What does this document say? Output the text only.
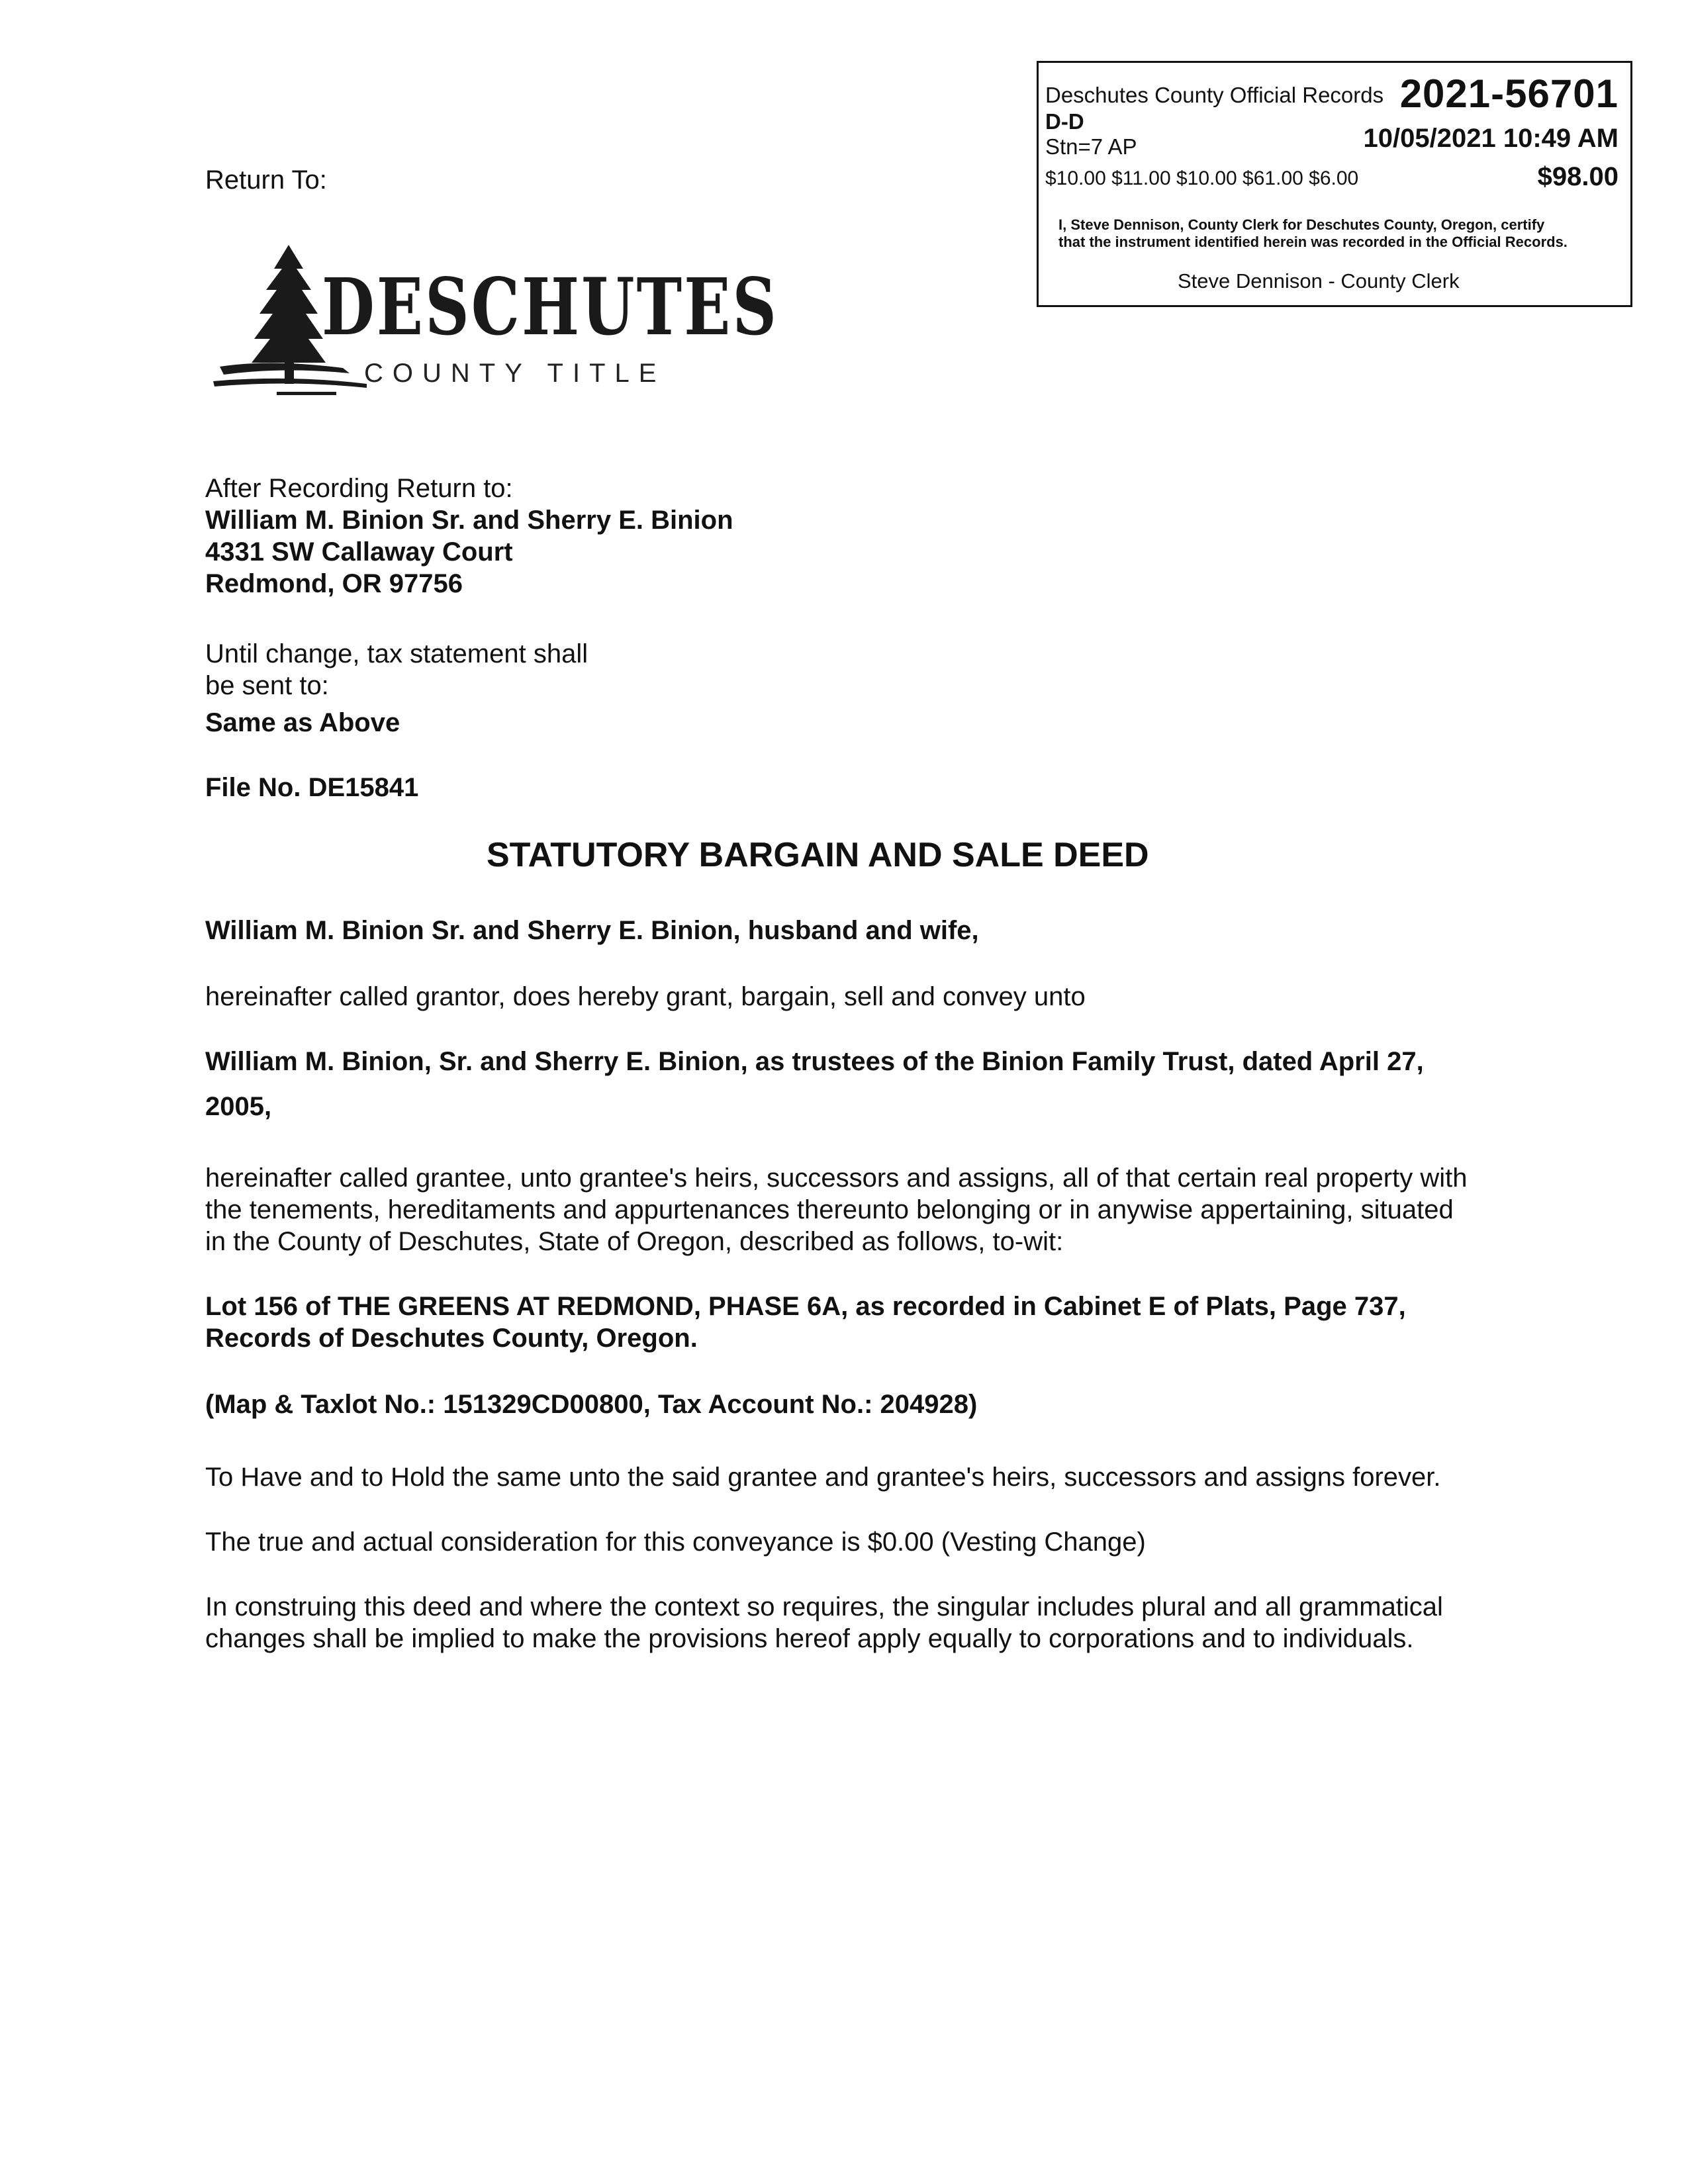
Deschutes County Official Records 2021-56701
D-D
Stn=7 AP	10/05/2021 10:49 AM
$10.00 $11.00 $10.00 $61.00 $6.00	$98.00
I, Steve Dennison, County Clerk for Deschutes County, Oregon, certify that the instrument identified herein was recorded in the Official Records.
Steve Dennison - County Clerk
Return To:
DESCHUTES
COUNTY TITLE
After Recording Return to:
William M. Binion Sr. and Sherry E. Binion
4331 SW Callaway Court
Redmond, OR 97756
Until change, tax statement shall
be sent to:
Same as Above
File No. DE15841
STATUTORY BARGAIN AND SALE DEED
William M. Binion Sr. and Sherry E. Binion, husband and wife,
hereinafter called grantor, does hereby grant, bargain, sell and convey unto
William M. Binion, Sr. and Sherry E. Binion, as trustees of the Binion Family Trust, dated April 27,
2005,
hereinafter called grantee, unto grantee's heirs, successors and assigns, all of that certain real property with
the tenements, hereditaments and appurtenances thereunto belonging or in anywise appertaining, situated
in the County of Deschutes, State of Oregon, described as follows, to-wit:
Lot 156 of THE GREENS AT REDMOND, PHASE 6A, as recorded in Cabinet E of Plats, Page 737,
Records of Deschutes County, Oregon.
(Map & Taxlot No.: 151329CD00800, Tax Account No.: 204928)
To Have and to Hold the same unto the said grantee and grantee's heirs, successors and assigns forever.
The true and actual consideration for this conveyance is $0.00 (Vesting Change)
In construing this deed and where the context so requires, the singular includes plural and all grammatical
changes shall be implied to make the provisions hereof apply equally to corporations and to individuals.
